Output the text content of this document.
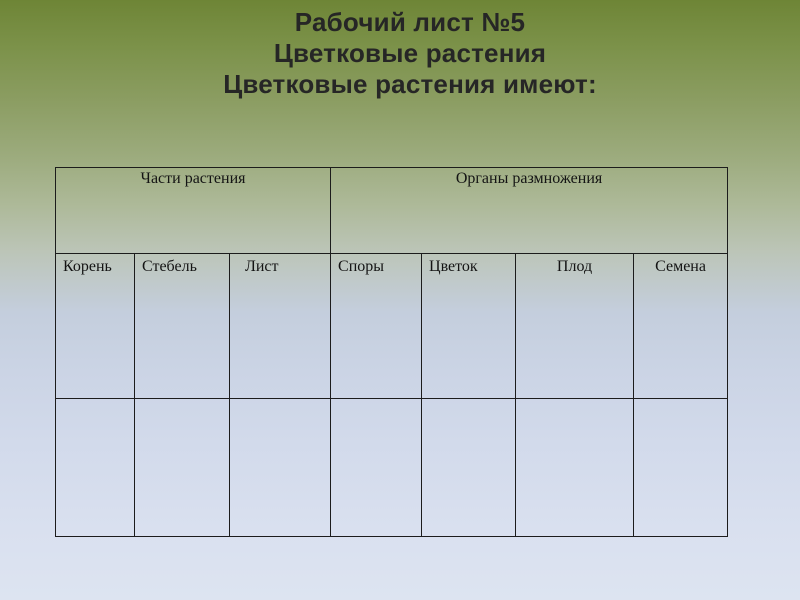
Рабочий лист №5
Цветковые растения
Цветковые растения имеют:
Части растения			Органы размножения			
Корень	Стебель	Лист	Споры	Цветок	Плод	Семена
